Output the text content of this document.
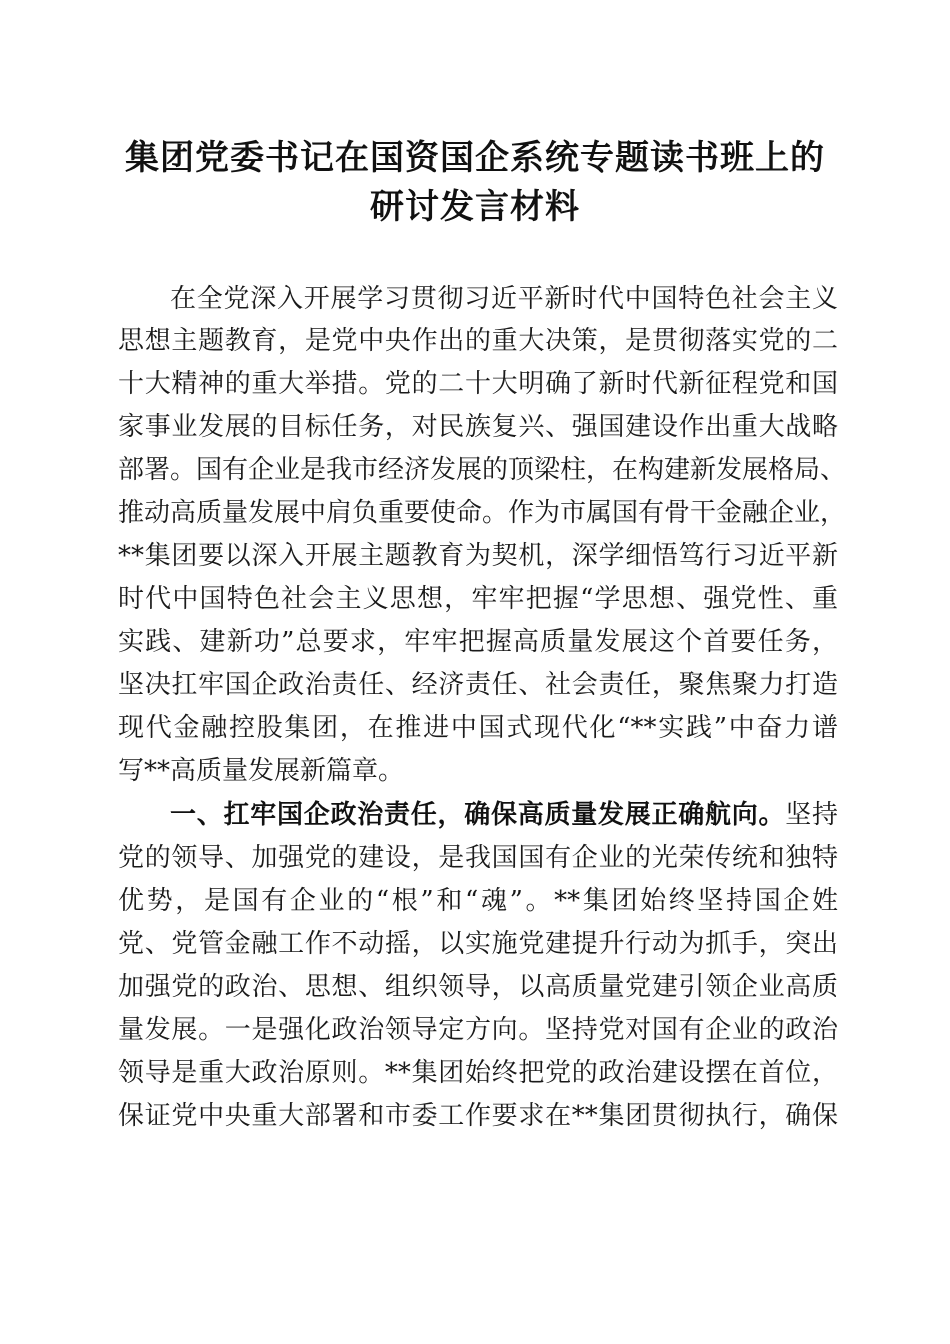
集团党委书记在国资国企系统专题读书班上的
研讨发言材料
在全党深入开展学习贯彻习近平新时代中国特色社会主义
思想主题教育，是党中央作出的重大决策，是贯彻落实党的二
十大精神的重大举措。党的二十大明确了新时代新征程党和国
家事业发展的目标任务，对民族复兴、强国建设作出重大战略
部署。国有企业是我市经济发展的顶梁柱，在构建新发展格局、
推动高质量发展中肩负重要使命。作为市属国有骨干金融企业，
**集团要以深入开展主题教育为契机，深学细悟笃行习近平新
时代中国特色社会主义思想，牢牢把握“学思想、强党性、重
实践、建新功”总要求，牢牢把握高质量发展这个首要任务，
坚决扛牢国企政治责任、经济责任、社会责任，聚焦聚力打造
现代金融控股集团，在推进中国式现代化“**实践”中奋力谱
写**高质量发展新篇章。
一、扛牢国企政治责任，确保高质量发展正确航向。坚持
党的领导、加强党的建设，是我国国有企业的光荣传统和独特
优势，是国有企业的“根”和“魂”。**集团始终坚持国企姓
党、党管金融工作不动摇，以实施党建提升行动为抓手，突出
加强党的政治、思想、组织领导，以高质量党建引领企业高质
量发展。一是强化政治领导定方向。坚持党对国有企业的政治
领导是重大政治原则。**集团始终把党的政治建设摆在首位，
保证党中央重大部署和市委工作要求在**集团贯彻执行，确保
